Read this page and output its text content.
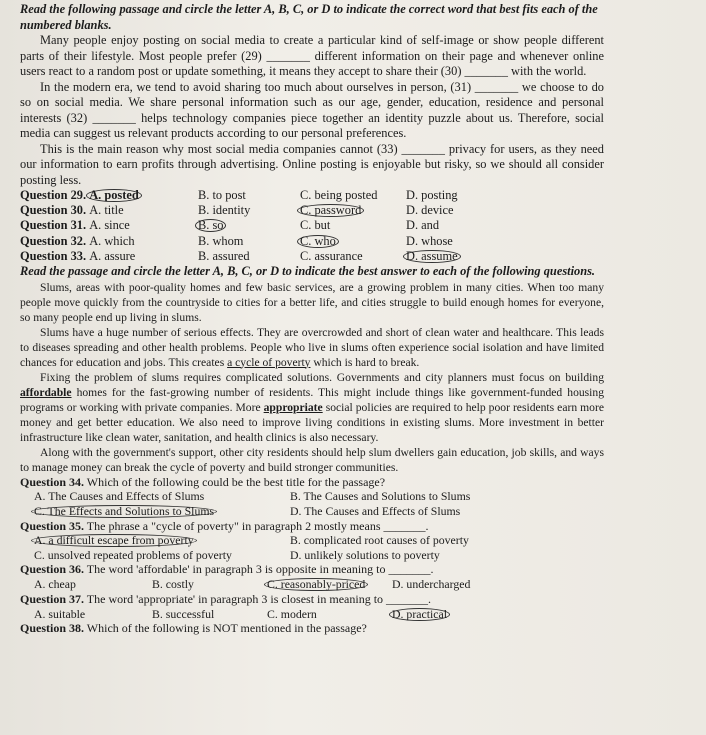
Read the following passage and circle the letter A, B, C, or D to indicate the correct word that best fits each of the numbered blanks.

Many people enjoy posting on social media to create a particular kind of self-image or show people different parts of their lifestyle. Most people prefer (29) _______ different information on their page and whenever online users react to a random post or update something, it means they accept to share their (30) _______ with the world.

In the modern era, we tend to avoid sharing too much about ourselves in person, (31) _______ we choose to do so on social media. We share personal information such as our age, gender, education, residence and personal interests (32) _______ helps technology companies piece together an identity puzzle about us. Therefore, social media can suggest us relevant products according to our personal preferences.

This is the main reason why most social media companies cannot (33) _______ privacy for users, as they need our information to earn profits through advertising. Online posting is enjoyable but risky, so we should all consider posting less.

Question 29. A. posted	B. to post	C. being posted	D. posting
Question 30. A. title	B. identity	C. password	D. device
Question 31. A. since	B. so	C. but	D. and
Question 32. A. which	B. whom	C. who	D. whose
Question 33. A. assure	B. assured	C. assurance	D. assume

Read the passage and circle the letter A, B, C, or D to indicate the best answer to each of the following questions.

Slums, areas with poor-quality homes and few basic services, are a growing problem in many cities. When too many people move quickly from the countryside to cities for a better life, and cities struggle to build enough homes for everyone, so many people end up living in slums.

Slums have a huge number of serious effects. They are overcrowded and short of clean water and healthcare. This leads to diseases spreading and other health problems. People who live in slums often experience social isolation and have limited chances for education and jobs. This creates a cycle of poverty which is hard to break.

Fixing the problem of slums requires complicated solutions. Governments and city planners must focus on building affordable homes for the fast-growing number of residents. This might include things like government-funded housing programs or working with private companies. More appropriate social policies are required to help poor residents earn more money and get better education. We also need to improve living conditions in existing slums. More investment in better infrastructure like clean water, sanitation, and health clinics is also necessary.

Along with the government's support, other city residents should help slum dwellers gain education, job skills, and ways to manage money can break the cycle of poverty and build stronger communities.

Question 34. Which of the following could be the best title for the passage?
A. The Causes and Effects of Slums	B. The Causes and Solutions to Slums
C. The Effects and Solutions to Slums	D. The Causes and Effects of Slums
Question 35. The phrase a "cycle of poverty" in paragraph 2 mostly means _______.
A. a difficult escape from poverty	B. complicated root causes of poverty
C. unsolved repeated problems of poverty	D. unlikely solutions to poverty
Question 36. The word 'affordable' in paragraph 3 is opposite in meaning to _______.
A. cheap	B. costly	C. reasonably-priced	D. undercharged
Question 37. The word 'appropriate' in paragraph 3 is closest in meaning to _______.
A. suitable	B. successful	C. modern	D. practical
Question 38. Which of the following is NOT mentioned in the passage?
